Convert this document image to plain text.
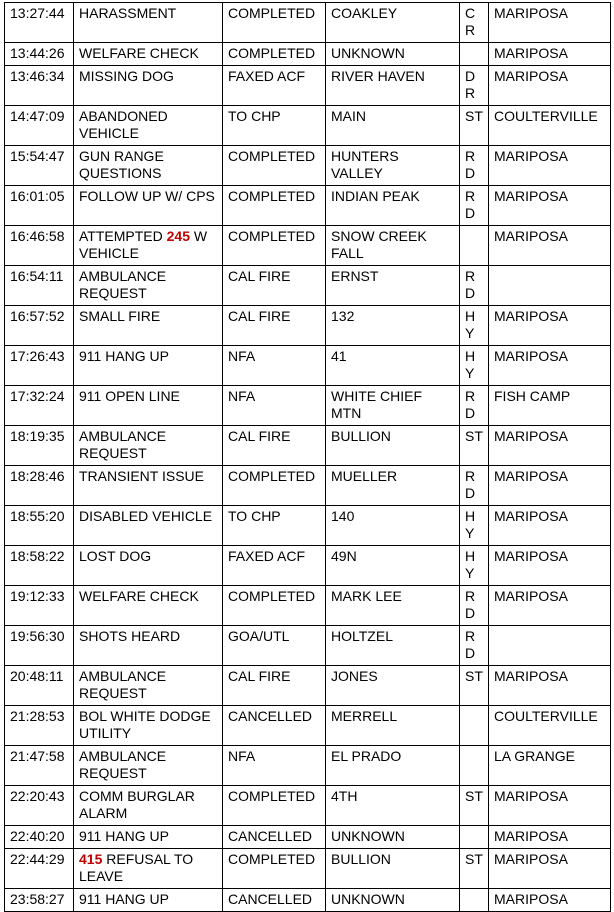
13:27:44	HARASSMENT	COMPLETED	COAKLEY	CR	MARIPOSA
13:44:26	WELFARE CHECK	COMPLETED	UNKNOWN		MARIPOSA
13:46:34	MISSING DOG	FAXED ACF	RIVER HAVEN	DR	MARIPOSA
14:47:09	ABANDONED VEHICLE	TO CHP	MAIN	ST	COULTERVILLE
15:54:47	GUN RANGE QUESTIONS	COMPLETED	HUNTERS VALLEY	RD	MARIPOSA
16:01:05	FOLLOW UP W/ CPS	COMPLETED	INDIAN PEAK	RD	MARIPOSA
16:46:58	ATTEMPTED 245 W VEHICLE	COMPLETED	SNOW CREEK FALL		MARIPOSA
16:54:11	AMBULANCE REQUEST	CAL FIRE	ERNST	RD	
16:57:52	SMALL FIRE	CAL FIRE	132	HY	MARIPOSA
17:26:43	911 HANG UP	NFA	41	HY	MARIPOSA
17:32:24	911 OPEN LINE	NFA	WHITE CHIEF MTN	RD	FISH CAMP
18:19:35	AMBULANCE REQUEST	CAL FIRE	BULLION	ST	MARIPOSA
18:28:46	TRANSIENT ISSUE	COMPLETED	MUELLER	RD	MARIPOSA
18:55:20	DISABLED VEHICLE	TO CHP	140	HY	MARIPOSA
18:58:22	LOST DOG	FAXED ACF	49N	HY	MARIPOSA
19:12:33	WELFARE CHECK	COMPLETED	MARK LEE	RD	MARIPOSA
19:56:30	SHOTS HEARD	GOA/UTL	HOLTZEL	RD	
20:48:11	AMBULANCE REQUEST	CAL FIRE	JONES	ST	MARIPOSA
21:28:53	BOL WHITE DODGE UTILITY	CANCELLED	MERRELL		COULTERVILLE
21:47:58	AMBULANCE REQUEST	NFA	EL PRADO		LA GRANGE
22:20:43	COMM BURGLAR ALARM	COMPLETED	4TH	ST	MARIPOSA
22:40:20	911 HANG UP	CANCELLED	UNKNOWN		MARIPOSA
22:44:29	415 REFUSAL TO LEAVE	COMPLETED	BULLION	ST	MARIPOSA
23:58:27	911 HANG UP	CANCELLED	UNKNOWN		MARIPOSA
